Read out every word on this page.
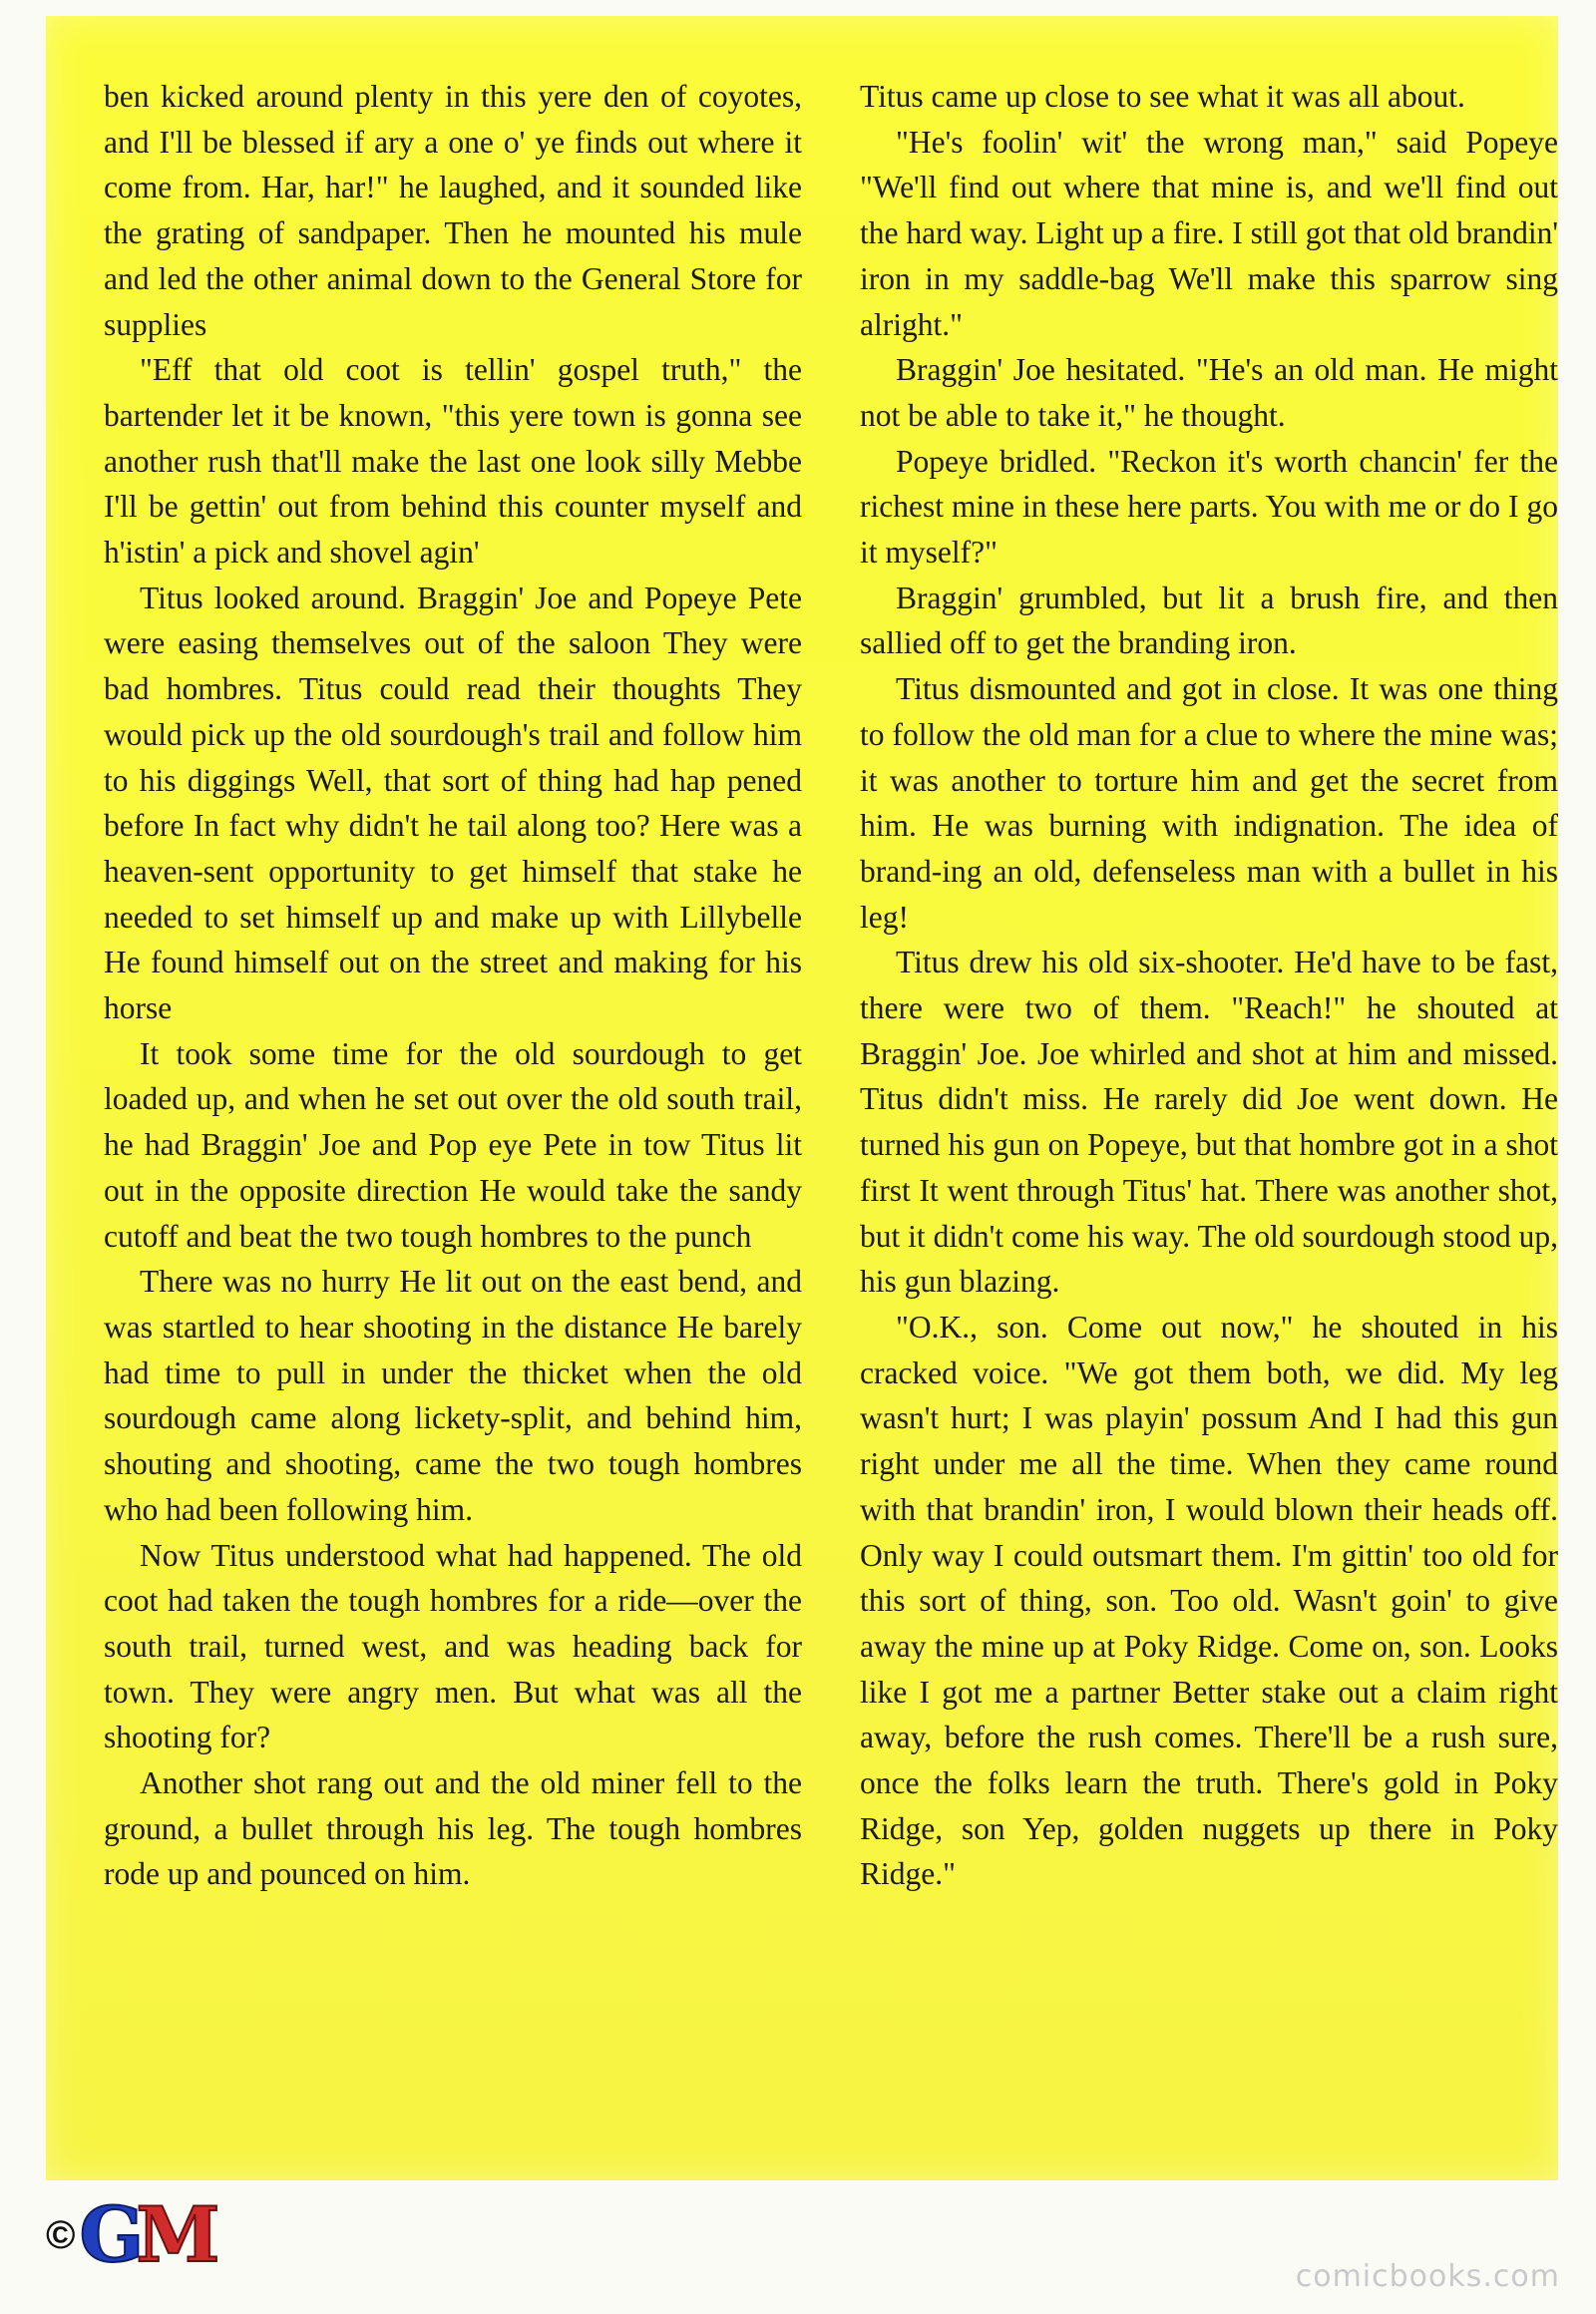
ben kicked around plenty in this yere den of coyotes, and I'll be blessed if ary a one o' ye finds out where it come from. Har, har!" he laughed, and it sounded like the grating of sandpaper. Then he mounted his mule and led the other animal down to the General Store for supplies

"Eff that old coot is tellin' gospel truth," the bartender let it be known, "this yere town is gonna see another rush that'll make the last one look silly Mebbe I'll be gettin' out from behind this counter myself and h'istin' a pick and shovel agin'

Titus looked around. Braggin' Joe and Popeye Pete were easing themselves out of the saloon They were bad hombres. Titus could read their thoughts They would pick up the old sourdough's trail and follow him to his diggings Well, that sort of thing had hap pened before In fact why didn't he tail along too? Here was a heaven-sent opportunity to get himself that stake he needed to set himself up and make up with Lillybelle He found himself out on the street and making for his horse

It took some time for the old sourdough to get loaded up, and when he set out over the old south trail, he had Braggin' Joe and Pop eye Pete in tow Titus lit out in the opposite direction He would take the sandy cutoff and beat the two tough hombres to the punch

There was no hurry He lit out on the east bend, and was startled to hear shooting in the distance He barely had time to pull in under the thicket when the old sourdough came along lickety-split, and behind him, shouting and shooting, came the two tough hombres who had been following him.

Now Titus understood what had happened. The old coot had taken the tough hombres for a ride—over the south trail, turned west, and was heading back for town. They were angry men. But what was all the shooting for?

Another shot rang out and the old miner fell to the ground, a bullet through his leg. The tough hombres rode up and pounced on him.

Titus came up close to see what it was all about.

"He's foolin' wit' the wrong man," said Popeye "We'll find out where that mine is, and we'll find out the hard way. Light up a fire. I still got that old brandin' iron in my saddle-bag We'll make this sparrow sing alright."

Braggin' Joe hesitated. "He's an old man. He might not be able to take it," he thought.

Popeye bridled. "Reckon it's worth chancin' fer the richest mine in these here parts. You with me or do I go it myself?"

Braggin' grumbled, but lit a brush fire, and then sallied off to get the branding iron.

Titus dismounted and got in close. It was one thing to follow the old man for a clue to where the mine was; it was another to torture him and get the secret from him. He was burning with indignation. The idea of brand-ing an old, defenseless man with a bullet in his leg!

Titus drew his old six-shooter. He'd have to be fast, there were two of them. "Reach!" he shouted at Braggin' Joe. Joe whirled and shot at him and missed. Titus didn't miss. He rarely did Joe went down. He turned his gun on Popeye, but that hombre got in a shot first It went through Titus' hat. There was another shot, but it didn't come his way. The old sourdough stood up, his gun blazing.

"O.K., son. Come out now," he shouted in his cracked voice. "We got them both, we did. My leg wasn't hurt; I was playin' possum And I had this gun right under me all the time. When they came round with that brandin' iron, I would blown their heads off. Only way I could outsmart them. I'm gittin' too old for this sort of thing, son. Too old. Wasn't goin' to give away the mine up at Poky Ridge. Come on, son. Looks like I got me a partner Better stake out a claim right away, before the rush comes. There'll be a rush sure, once the folks learn the truth. There's gold in Poky Ridge, son Yep, golden nuggets up there in Poky Ridge."

© GM	comicbooks.com
